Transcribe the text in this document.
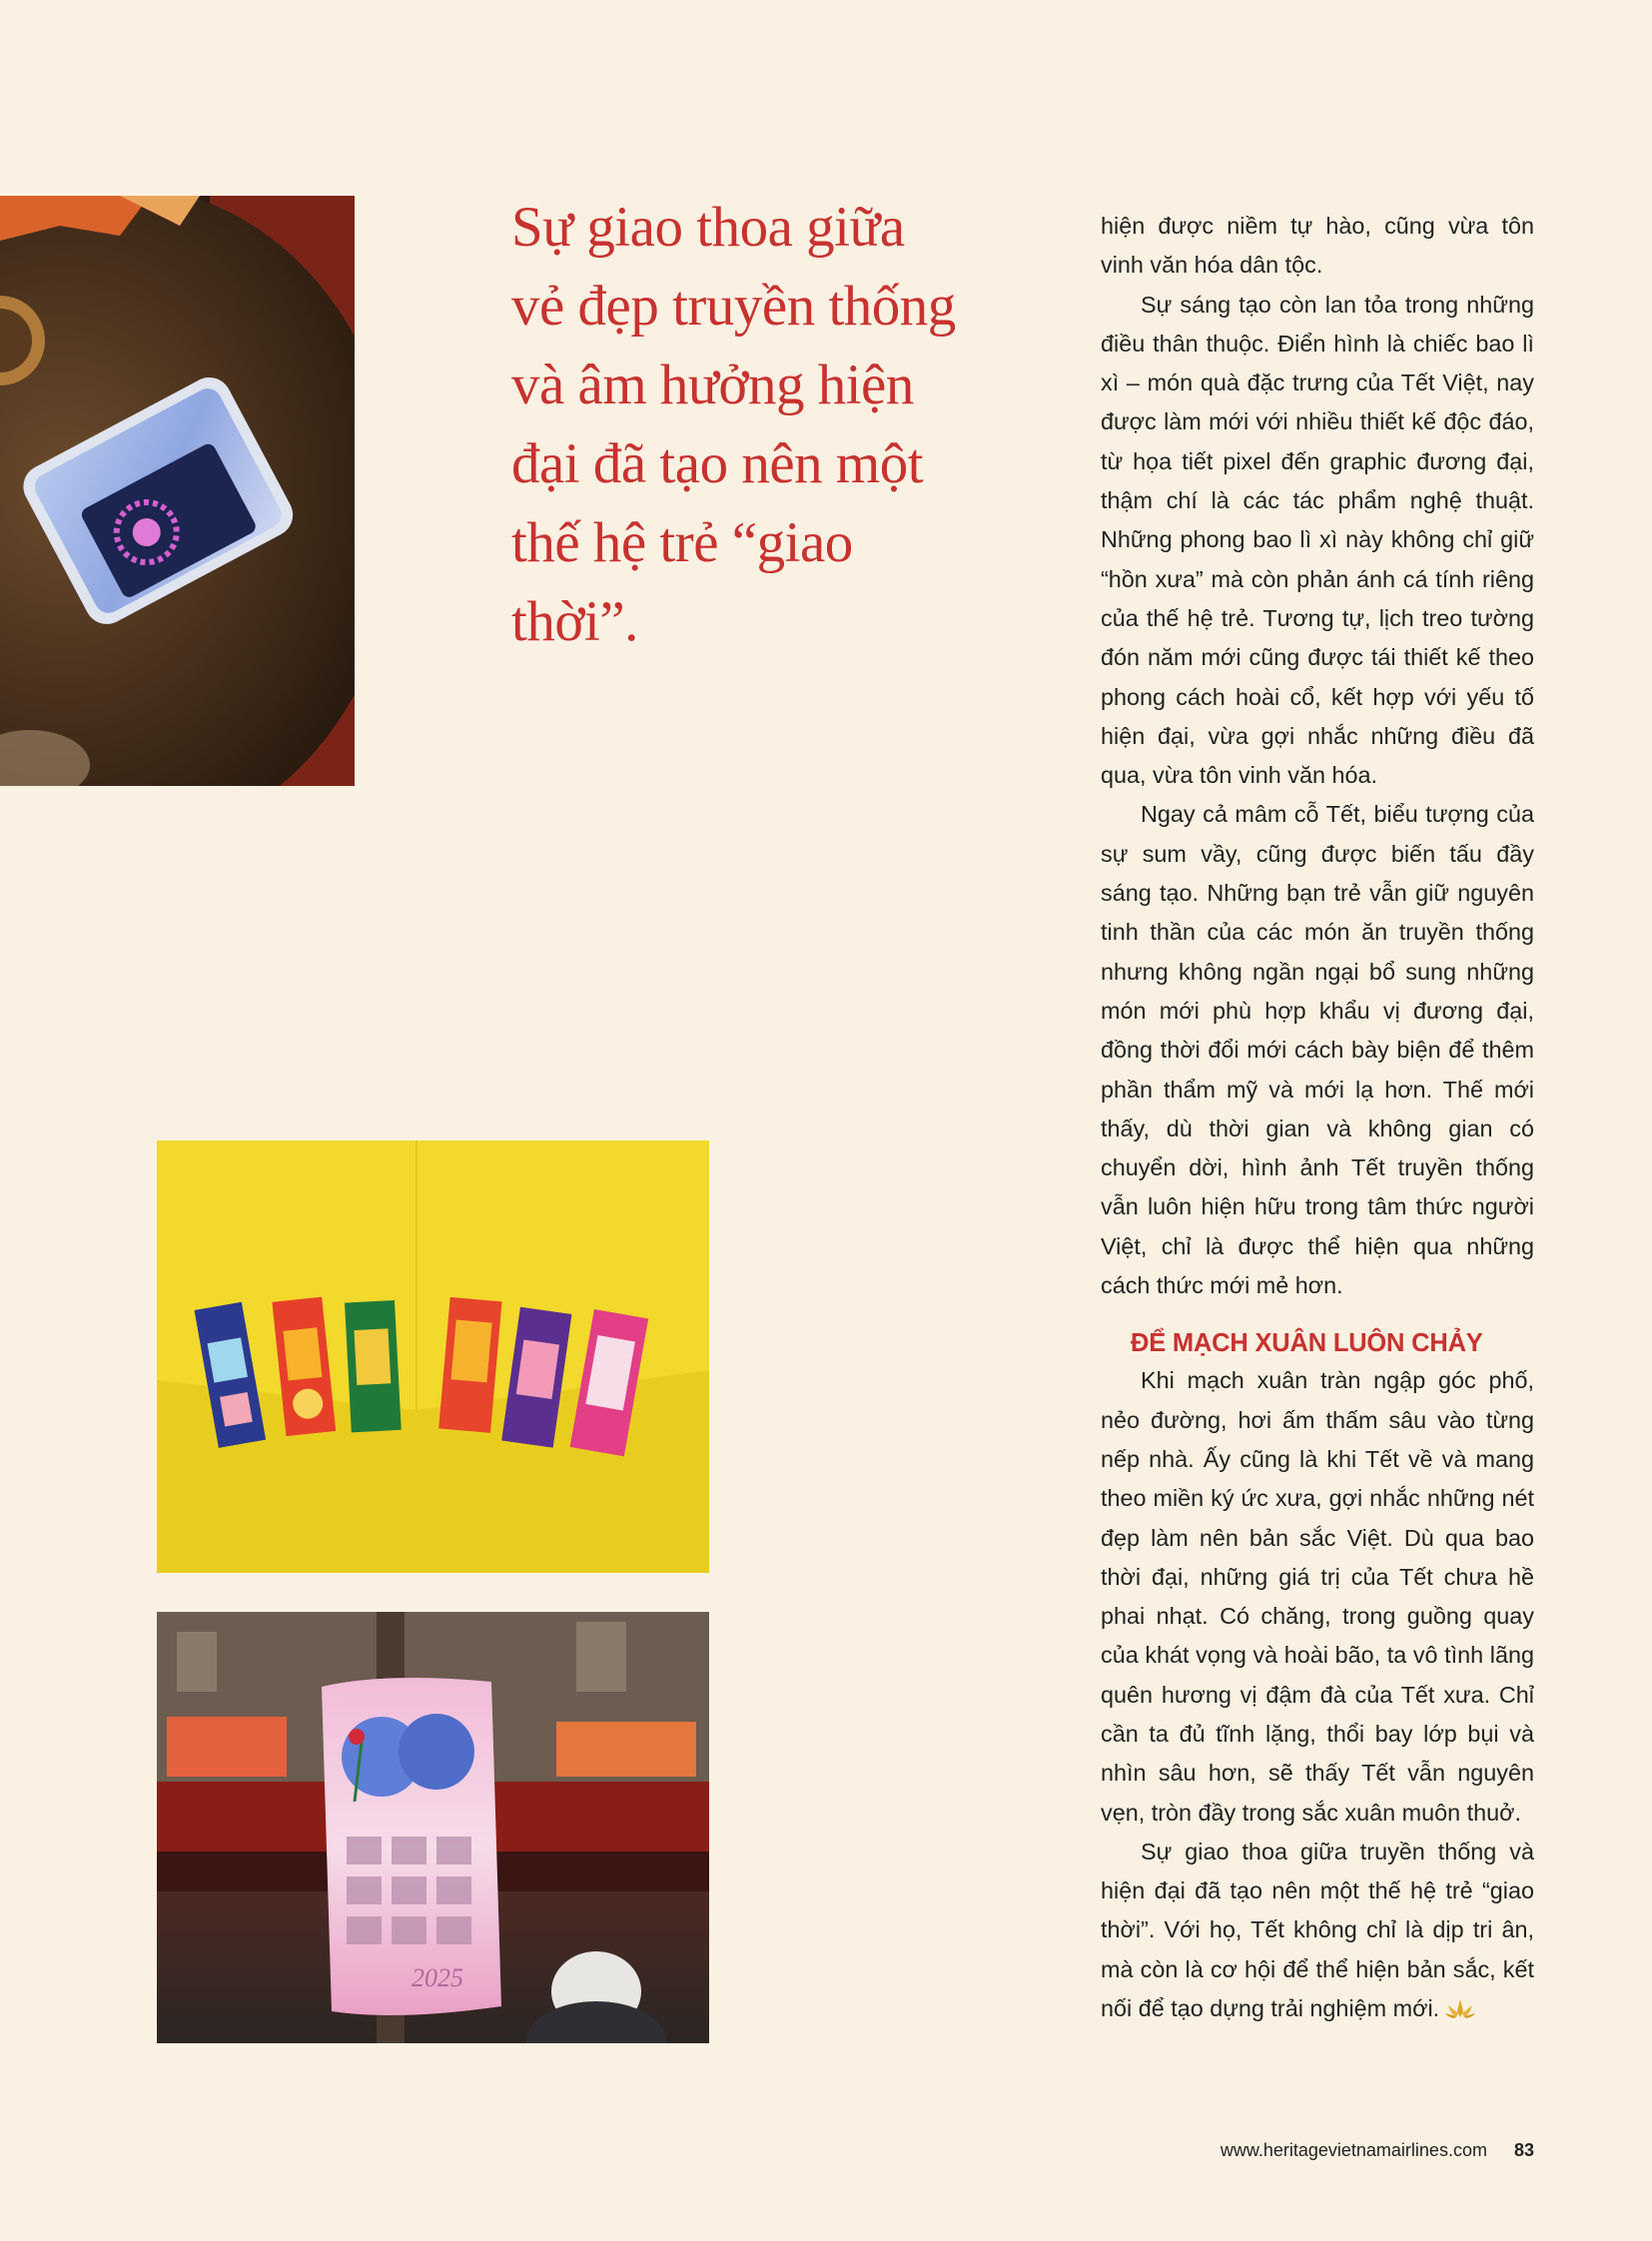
Sự giao thoa giữa vẻ đẹp truyền thống và âm hưởng hiện đại đã tạo nên một thế hệ trẻ “giao thời”.
2025

hiện được niềm tự hào, cũng vừa tôn vinh văn hóa dân tộc.

Sự sáng tạo còn lan tỏa trong những điều thân thuộc. Điển hình là chiếc bao lì xì – món quà đặc trưng của Tết Việt, nay được làm mới với nhiều thiết kế độc đáo, từ họa tiết pixel đến graphic đương đại, thậm chí là các tác phẩm nghệ thuật. Những phong bao lì xì này không chỉ giữ “hồn xưa” mà còn phản ánh cá tính riêng của thế hệ trẻ. Tương tự, lịch treo tường đón năm mới cũng được tái thiết kế theo phong cách hoài cổ, kết hợp với yếu tố hiện đại, vừa gợi nhắc những điều đã qua, vừa tôn vinh văn hóa.

Ngay cả mâm cỗ Tết, biểu tượng của sự sum vầy, cũng được biến tấu đầy sáng tạo. Những bạn trẻ vẫn giữ nguyên tinh thần của các món ăn truyền thống nhưng không ngần ngại bổ sung những món mới phù hợp khẩu vị đương đại, đồng thời đổi mới cách bày biện để thêm phần thẩm mỹ và mới lạ hơn. Thế mới thấy, dù thời gian và không gian có chuyển dời, hình ảnh Tết truyền thống vẫn luôn hiện hữu trong tâm thức người Việt, chỉ là được thể hiện qua những cách thức mới mẻ hơn.

ĐỂ MẠCH XUÂN LUÔN CHẢY

Khi mạch xuân tràn ngập góc phố, nẻo đường, hơi ấm thấm sâu vào từng nếp nhà. Ấy cũng là khi Tết về và mang theo miền ký ức xưa, gợi nhắc những nét đẹp làm nên bản sắc Việt. Dù qua bao thời đại, những giá trị của Tết chưa hề phai nhạt. Có chăng, trong guồng quay của khát vọng và hoài bão, ta vô tình lãng quên hương vị đậm đà của Tết xưa. Chỉ cần ta đủ tĩnh lặng, thổi bay lớp bụi và nhìn sâu hơn, sẽ thấy Tết vẫn nguyên vẹn, tròn đầy trong sắc xuân muôn thuở.

Sự giao thoa giữa truyền thống và hiện đại đã tạo nên một thế hệ trẻ “giao thời”. Với họ, Tết không chỉ là dịp tri ân, mà còn là cơ hội để thể hiện bản sắc, kết nối để tạo dựng trải nghiệm mới.

www.heritagevietnamairlines.com 83
